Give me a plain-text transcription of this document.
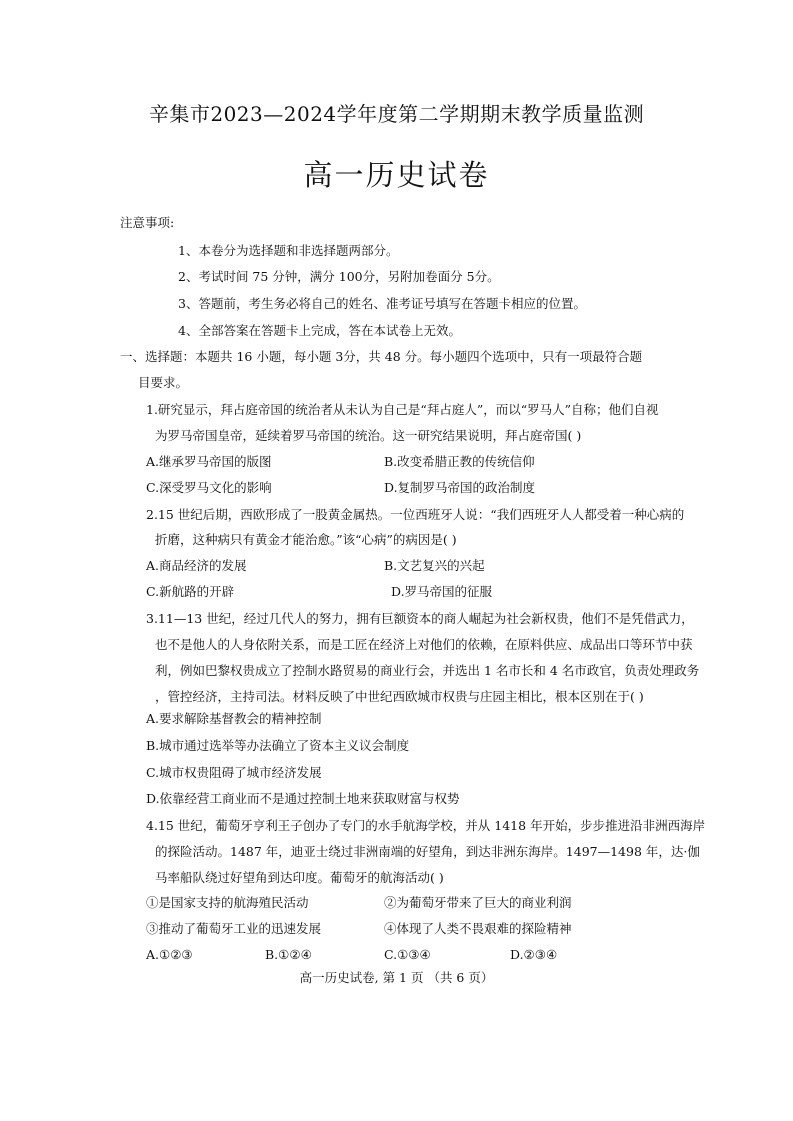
辛集市2023—2024学年度第二学期期末教学质量监测
高一历史试卷
注意事项:
1、本卷分为选择题和非选择题两部分。
2、考试时间 75 分钟，满分 100分，另附加卷面分 5分。
3、答题前，考生务必将自己的姓名、准考证号填写在答题卡相应的位置。
4、全部答案在答题卡上完成，答在本试卷上无效。
一、选择题：本题共 16 小题，每小题 3分，共 48 分。每小题四个选项中，只有一项最符合题
目要求。
1.研究显示，拜占庭帝国的统治者从未认为自己是“拜占庭人”，而以“罗马人”自称；他们自视
为罗马帝国皇帝，延续着罗马帝国的统治。这一研究结果说明，拜占庭帝国( )
A.继承罗马帝国的版图	B.改变希腊正教的传统信仰
C.深受罗马文化的影响	D.复制罗马帝国的政治制度
2.15 世纪后期，西欧形成了一股黄金属热。一位西班牙人说：“我们西班牙人人都受着一种心病的
折磨，这种病只有黄金才能治愈。”该“心病”的病因是( )
A.商品经济的发展	B.文艺复兴的兴起
C.新航路的开辟	D.罗马帝国的征服
3.11—13 世纪，经过几代人的努力，拥有巨额资本的商人崛起为社会新权贵，他们不是凭借武力，
也不是他人的人身依附关系，而是工匠在经济上对他们的依赖，在原料供应、成品出口等环节中获
利，例如巴黎权贵成立了控制水路贸易的商业行会，并选出 1 名市长和 4 名市政官，负责处理政务
，管控经济，主持司法。材料反映了中世纪西欧城市权贵与庄园主相比，根本区别在于( )
A.要求解除基督教会的精神控制
B.城市通过选举等办法确立了资本主义议会制度
C.城市权贵阻碍了城市经济发展
D.依靠经营工商业而不是通过控制土地来获取财富与权势
4.15 世纪，葡萄牙亨利王子创办了专门的水手航海学校，并从 1418 年开始，步步推进沿非洲西海岸
的探险活动。1487 年，迪亚士绕过非洲南端的好望角，到达非洲东海岸。1497—1498 年，达·伽
马率船队绕过好望角到达印度。葡萄牙的航海活动( )
①是国家支持的航海殖民活动	②为葡萄牙带来了巨大的商业利润
③推动了葡萄牙工业的迅速发展	④体现了人类不畏艰难的探险精神
A.①②③	B.①②④	C.①③④	D.②③④
高一历史试卷, 第 1 页 （共 6 页）
